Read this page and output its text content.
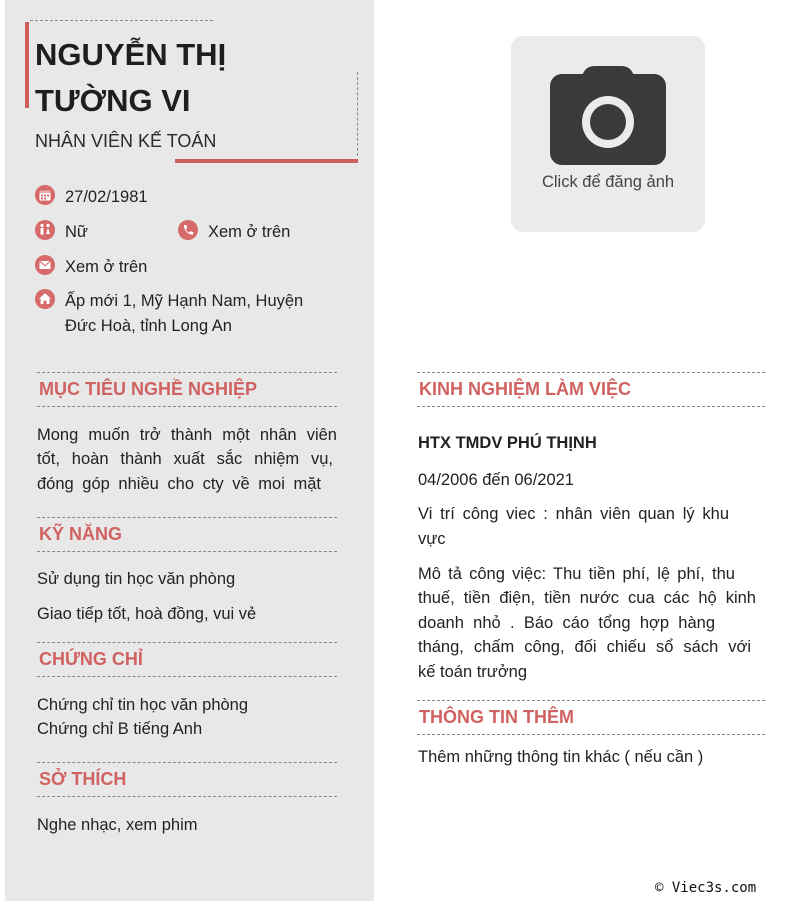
NGUYỄN THỊ TƯỜNG VI
NHÂN VIÊN KẾ TOÁN
27/02/1981
Nữ	Xem ở trên
Xem ở trên
Ấp mới 1, Mỹ Hạnh Nam, Huyện
Đức Hoà, tỉnh Long An
MỤC TIÊU NGHỀ NGHIỆP
Mong muốn trở thành một nhân viên
tốt, hoàn thành xuất sắc nhiệm vụ,
đóng góp nhiều cho cty về moi mặt
KỸ NĂNG
Sử dụng tin học văn phòng
Giao tiếp tốt, hoà đồng, vui vẻ
CHỨNG CHỈ
Chứng chỉ tin học văn phòng
Chứng chỉ B tiếng Anh
SỞ THÍCH
Nghe nhạc, xem phim
Click để đăng ảnh
KINH NGHIỆM LÀM VIỆC
HTX TMDV PHÚ THỊNH
04/2006 đến 06/2021
Vi trí công viec : nhân viên quan lý khu
vực
Mô tả công việc: Thu tiền phí, lệ phí, thu
thuế, tiền điện, tiền nước cua các hộ kinh
doanh nhỏ . Báo cáo tổng hợp hàng
tháng, chấm công, đối chiếu sổ sách với
kế toán trưởng
THÔNG TIN THÊM
Thêm những thông tin khác ( nếu cần )
© Viec3s.com
